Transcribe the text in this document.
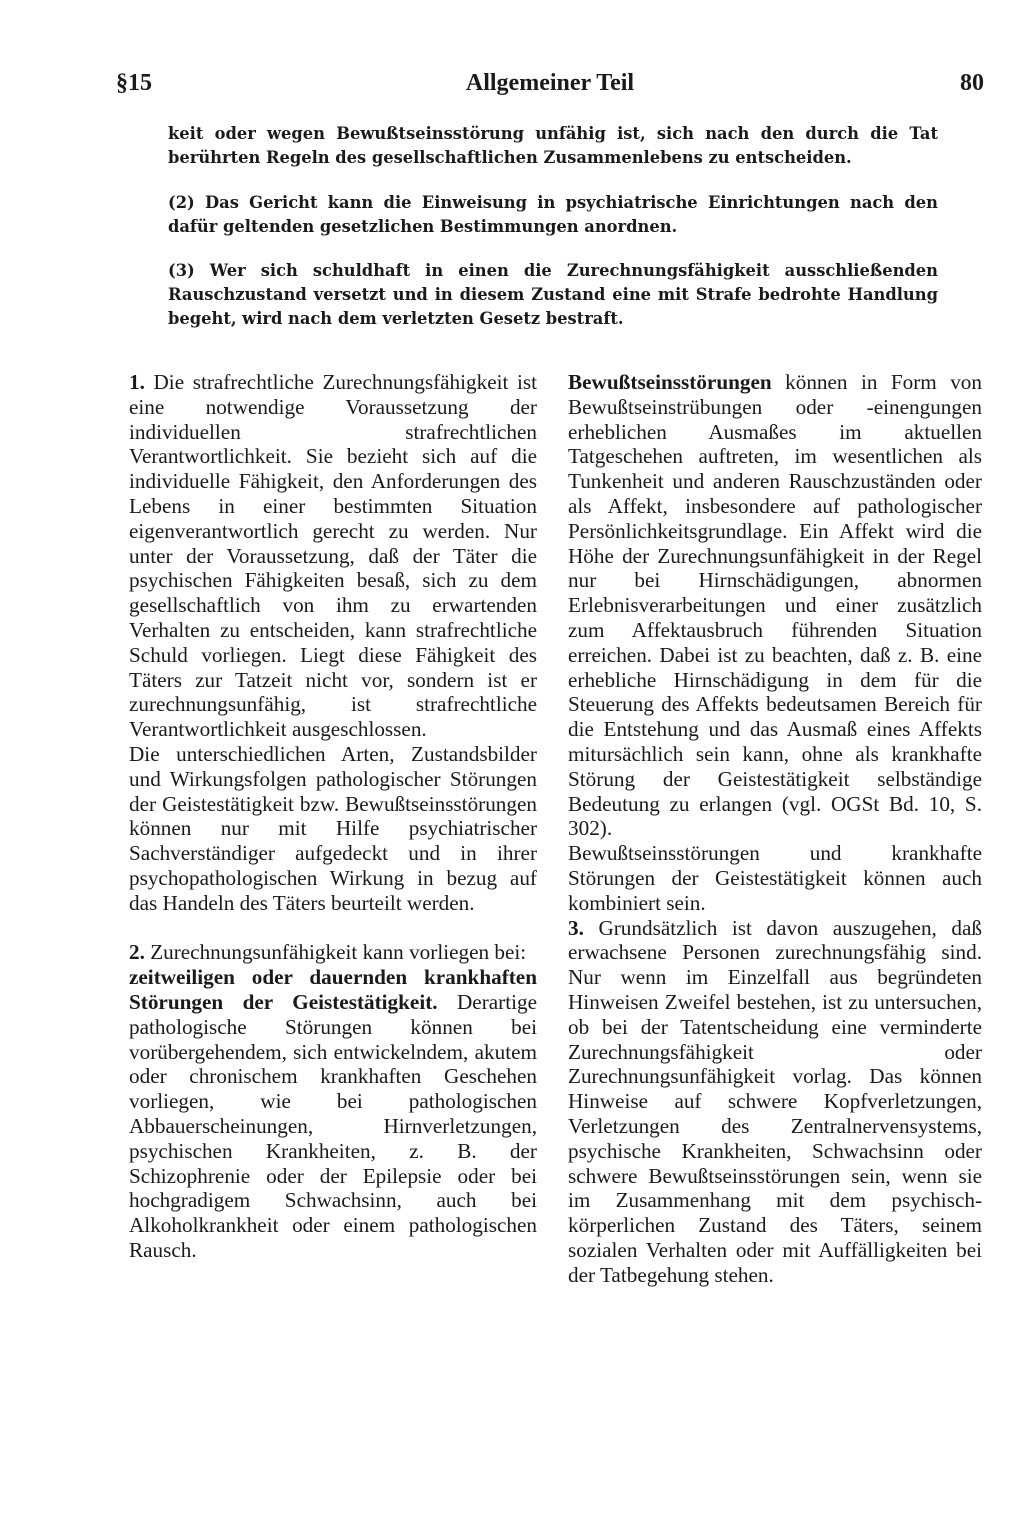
§15	Allgemeiner Teil	80

keit oder wegen Bewußtseinsstörung unfähig ist, sich nach den durch die Tat berührten Regeln des gesellschaftlichen Zusammenlebens zu entscheiden.

(2) Das Gericht kann die Einweisung in psychiatrische Einrichtungen nach den dafür geltenden gesetzlichen Bestimmungen anordnen.

(3) Wer sich schuldhaft in einen die Zurechnungsfähigkeit ausschließenden Rauschzustand versetzt und in diesem Zustand eine mit Strafe bedrohte Handlung begeht, wird nach dem verletzten Gesetz bestraft.

1. Die strafrechtliche Zurechnungsfähigkeit ist eine notwendige Voraussetzung der individuellen strafrechtlichen Verantwortlichkeit. Sie bezieht sich auf die individuelle Fähigkeit, den Anforderungen des Lebens in einer bestimmten Situation eigenverantwortlich gerecht zu werden. Nur unter der Voraussetzung, daß der Täter die psychischen Fähigkeiten besaß, sich zu dem gesellschaftlich von ihm zu erwartenden Verhalten zu entscheiden, kann strafrechtliche Schuld vorliegen. Liegt diese Fähigkeit des Täters zur Tatzeit nicht vor, sondern ist er zurechnungsunfähig, ist strafrechtliche Verantwortlichkeit ausgeschlossen.

Die unterschiedlichen Arten, Zustandsbilder und Wirkungsfolgen pathologischer Störungen der Geistestätigkeit bzw. Bewußtseinsstörungen können nur mit Hilfe psychiatrischer Sachverständiger aufgedeckt und in ihrer psychopathologischen Wirkung in bezug auf das Handeln des Täters beurteilt werden.

2. Zurechnungsunfähigkeit kann vorliegen bei:
zeitweiligen oder dauernden krankhaften Störungen der Geistestätigkeit. Derartige pathologische Störungen können bei vorübergehendem, sich entwickelndem, akutem oder chronischem krankhaften Geschehen vorliegen, wie bei pathologischen Abbauerscheinungen, Hirnverletzungen, psychischen Krankheiten, z. B. der Schizophrenie oder der Epilepsie oder bei hochgradigem Schwachsinn, auch bei Alkoholkrankheit oder einem pathologischen Rausch.

Bewußtseinsstörungen können in Form von Bewußtseinstrübungen oder -einengungen erheblichen Ausmaßes im aktuellen Tatgeschehen auftreten, im wesentlichen als Tunkenheit und anderen Rauschzuständen oder als Affekt, insbesondere auf pathologischer Persönlichkeitsgrundlage. Ein Affekt wird die Höhe der Zurechnungsunfähigkeit in der Regel nur bei Hirnschädigungen, abnormen Erlebnisverarbeitungen und einer zusätzlich zum Affektausbruch führenden Situation erreichen. Dabei ist zu beachten, daß z. B. eine erhebliche Hirnschädigung in dem für die Steuerung des Affekts bedeutsamen Bereich für die Entstehung und das Ausmaß eines Affekts mitursächlich sein kann, ohne als krankhafte Störung der Geistestätigkeit selbständige Bedeutung zu erlangen (vgl. OGSt Bd. 10, S. 302).

Bewußtseinsstörungen und krankhafte Störungen der Geistestätigkeit können auch kombiniert sein.

3. Grundsätzlich ist davon auszugehen, daß erwachsene Personen zurechnungsfähig sind. Nur wenn im Einzelfall aus begründeten Hinweisen Zweifel bestehen, ist zu untersuchen, ob bei der Tatentscheidung eine verminderte Zurechnungsfähigkeit oder Zurechnungsunfähigkeit vorlag. Das können Hinweise auf schwere Kopfverletzungen, Verletzungen des Zentralnervensystems, psychische Krankheiten, Schwachsinn oder schwere Bewußtseinsstörungen sein, wenn sie im Zusammenhang mit dem psychisch-körperlichen Zustand des Täters, seinem sozialen Verhalten oder mit Auffälligkeiten bei der Tatbegehung stehen.
